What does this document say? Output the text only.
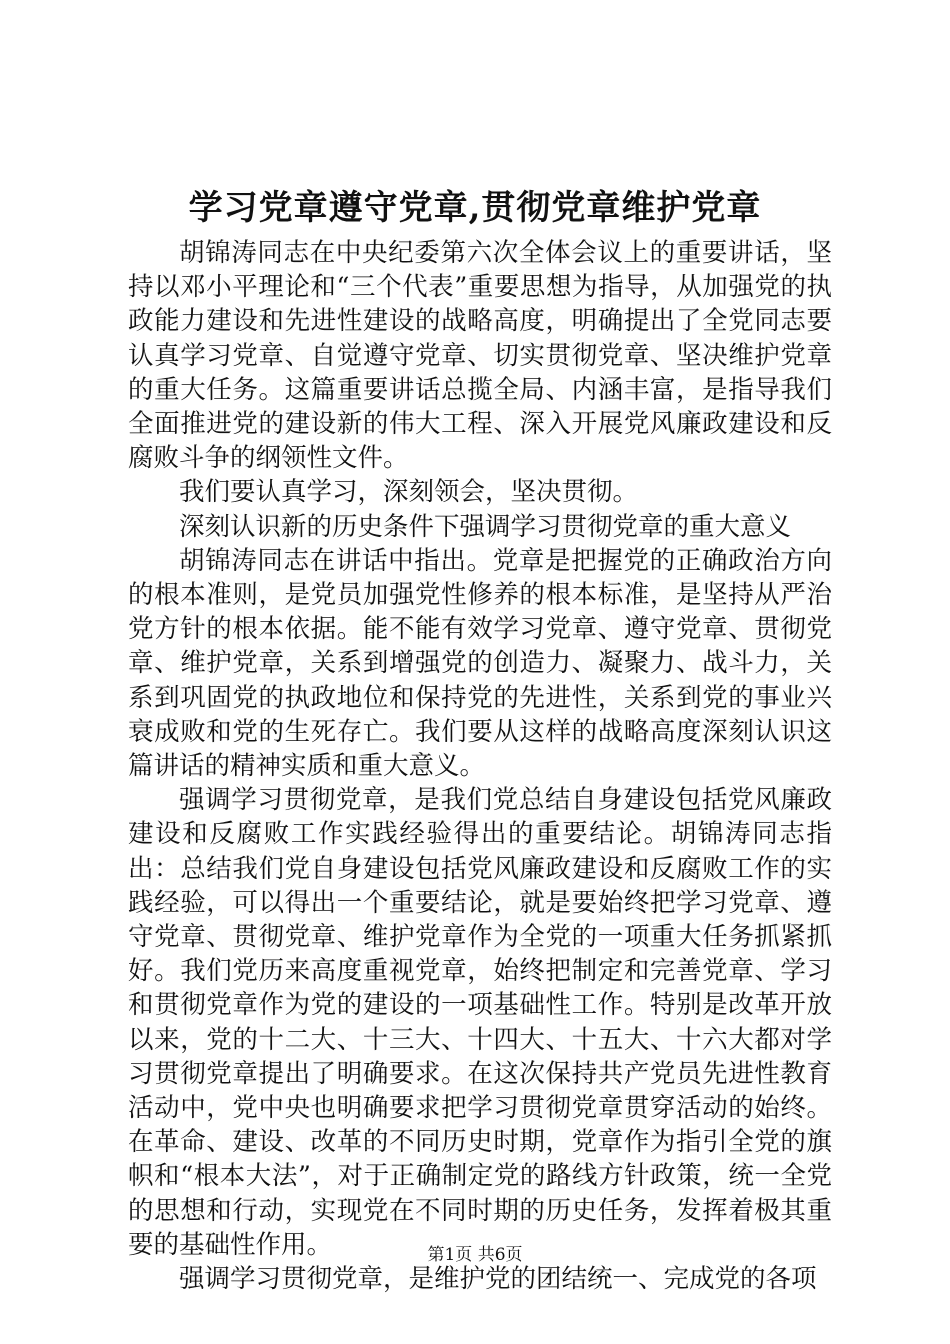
学习党章遵守党章,贯彻党章维护党章

胡锦涛同志在中央纪委第六次全体会议上的重要讲话，坚持以邓小平理论和“三个代表”重要思想为指导，从加强党的执政能力建设和先进性建设的战略高度，明确提出了全党同志要认真学习党章、自觉遵守党章、切实贯彻党章、坚决维护党章的重大任务。这篇重要讲话总揽全局、内涵丰富，是指导我们全面推进党的建设新的伟大工程、深入开展党风廉政建设和反腐败斗争的纲领性文件。

我们要认真学习，深刻领会，坚决贯彻。

深刻认识新的历史条件下强调学习贯彻党章的重大意义

胡锦涛同志在讲话中指出。党章是把握党的正确政治方向的根本准则，是党员加强党性修养的根本标准，是坚持从严治党方针的根本依据。能不能有效学习党章、遵守党章、贯彻党章、维护党章，关系到增强党的创造力、凝聚力、战斗力，关系到巩固党的执政地位和保持党的先进性，关系到党的事业兴衰成败和党的生死存亡。我们要从这样的战略高度深刻认识这篇讲话的精神实质和重大意义。

强调学习贯彻党章，是我们党总结自身建设包括党风廉政建设和反腐败工作实践经验得出的重要结论。胡锦涛同志指出：总结我们党自身建设包括党风廉政建设和反腐败工作的实践经验，可以得出一个重要结论，就是要始终把学习党章、遵守党章、贯彻党章、维护党章作为全党的一项重大任务抓紧抓好。我们党历来高度重视党章，始终把制定和完善党章、学习和贯彻党章作为党的建设的一项基础性工作。特别是改革开放以来，党的十二大、十三大、十四大、十五大、十六大都对学习贯彻党章提出了明确要求。在这次保持共产党员先进性教育活动中，党中央也明确要求把学习贯彻党章贯穿活动的始终。在革命、建设、改革的不同历史时期，党章作为指引全党的旗帜和“根本大法”，对于正确制定党的路线方针政策，统一全党的思想和行动，实现党在不同时期的历史任务，发挥着极其重要的基础性作用。

强调学习贯彻党章，是维护党的团结统一、完成党的各项

第1页 共6页
